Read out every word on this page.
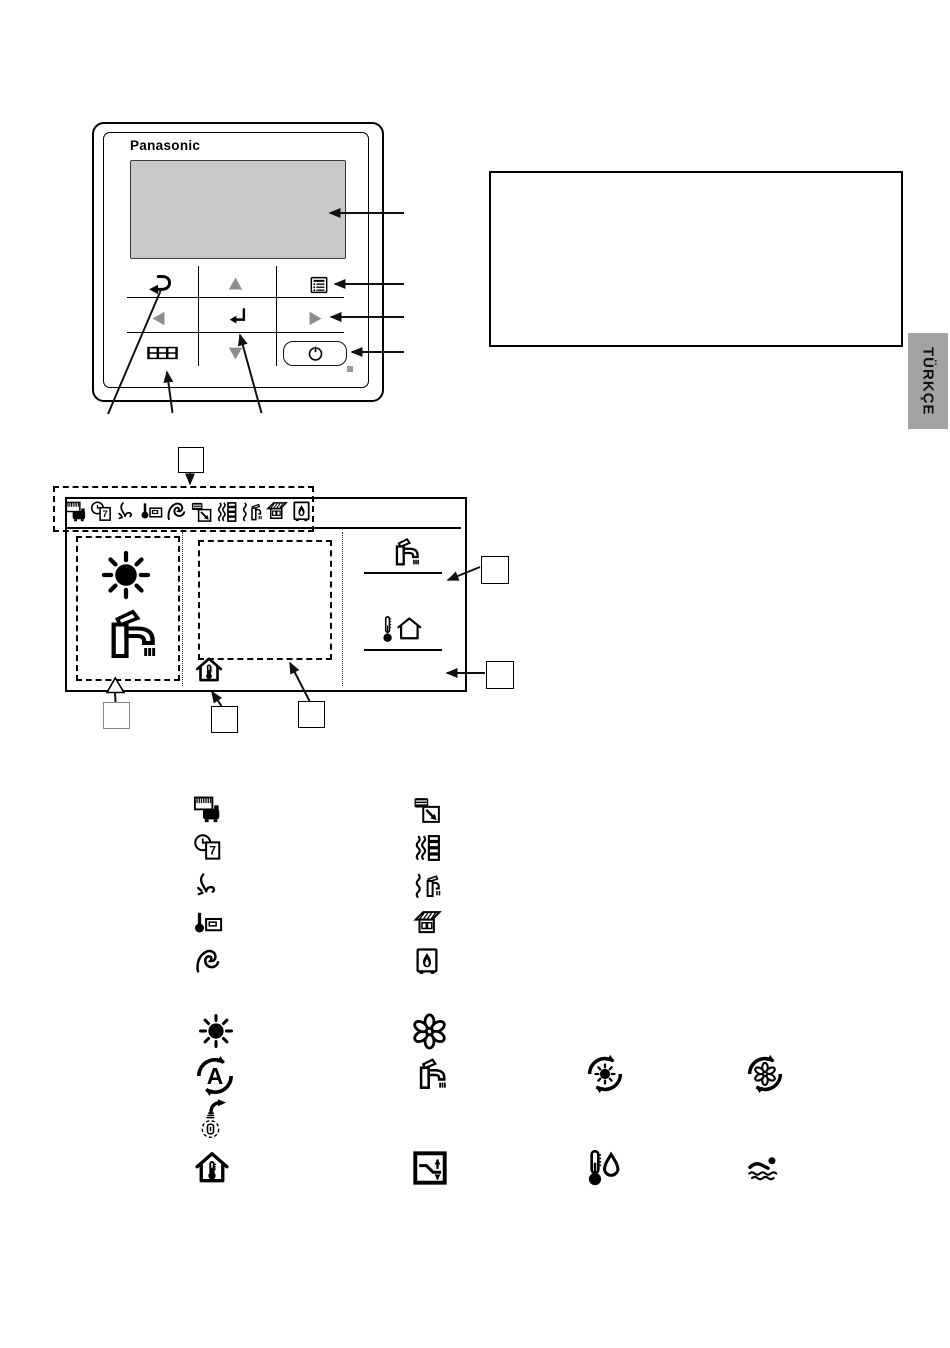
Panasonic
TÜRKÇE
